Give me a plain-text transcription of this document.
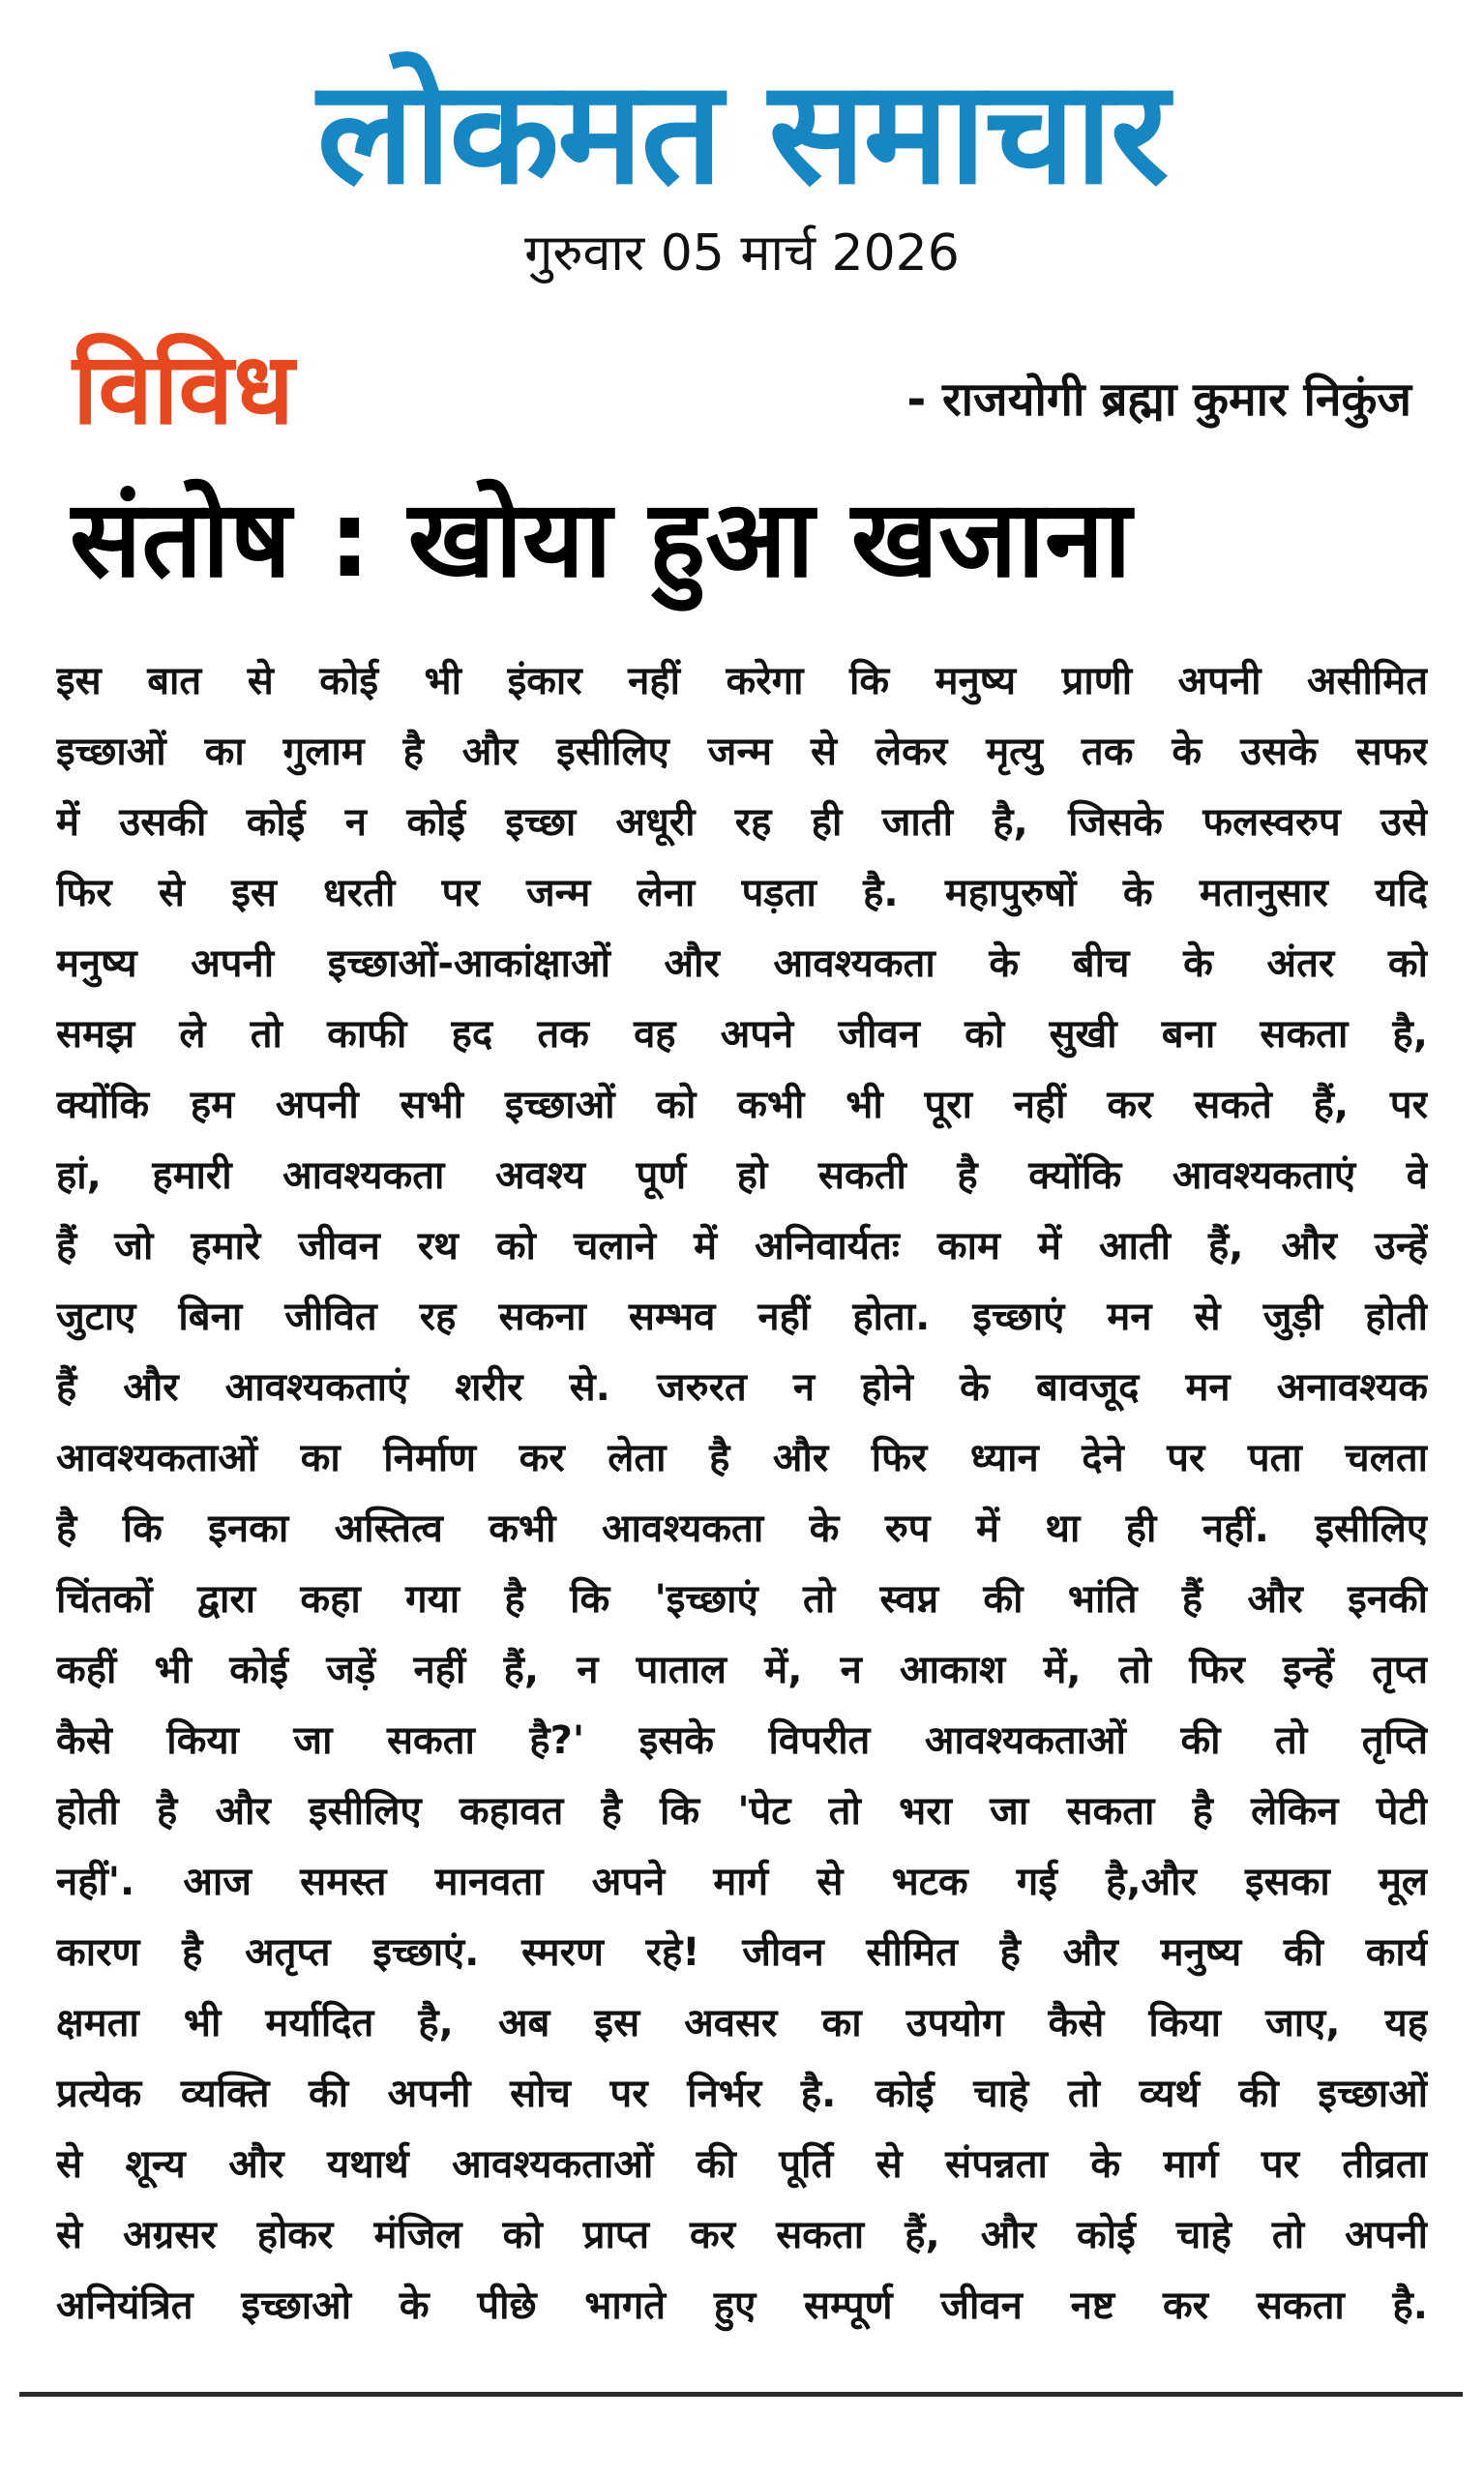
लोकमत समाचार
गुरुवार 05 मार्च 2026
विविध	- राजयोगी ब्रह्मा कुमार निकुंज
संतोष : खोया हुआ खजाना
इस बात से कोई भी इंकार नहीं करेगा कि मनुष्य प्राणी अपनी असीमित
इच्छाओं का गुलाम है और इसीलिए जन्म से लेकर मृत्यु तक के उसके सफर
में उसकी कोई न कोई इच्छा अधूरी रह ही जाती है, जिसके फलस्वरुप उसे
फिर से इस धरती पर जन्म लेना पड़ता है. महापुरुषों के मतानुसार यदि
मनुष्य अपनी इच्छाओं-आकांक्षाओं और आवश्यकता के बीच के अंतर को
समझ ले तो काफी हद तक वह अपने जीवन को सुखी बना सकता है,
क्योंकि हम अपनी सभी इच्छाओं को कभी भी पूरा नहीं कर सकते हैं, पर
हां, हमारी आवश्यकता अवश्य पूर्ण हो सकती है क्योंकि आवश्यकताएं वे
हैं जो हमारे जीवन रथ को चलाने में अनिवार्यतः काम में आती हैं, और उन्हें
जुटाए बिना जीवित रह सकना सम्भव नहीं होता. इच्छाएं मन से जुड़ी होती
हैं और आवश्यकताएं शरीर से. जरुरत न होने के बावजूद मन अनावश्यक
आवश्यकताओं का निर्माण कर लेता है और फिर ध्यान देने पर पता चलता
है कि इनका अस्तित्व कभी आवश्यकता के रुप में था ही नहीं. इसीलिए
चिंतकों द्वारा कहा गया है कि 'इच्छाएं तो स्वप्न की भांति हैं और इनकी
कहीं भी कोई जड़ें नहीं हैं, न पाताल में, न आकाश में, तो फिर इन्हें तृप्त
कैसे किया जा सकता है?' इसके विपरीत आवश्यकताओं की तो तृप्ति
होती है और इसीलिए कहावत है कि 'पेट तो भरा जा सकता है लेकिन पेटी
नहीं'. आज समस्त मानवता अपने मार्ग से भटक गई है,और इसका मूल
कारण है अतृप्त इच्छाएं. स्मरण रहे! जीवन सीमित है और मनुष्य की कार्य
क्षमता भी मर्यादित है, अब इस अवसर का उपयोग कैसे किया जाए, यह
प्रत्येक व्यक्ति की अपनी सोच पर निर्भर है. कोई चाहे तो व्यर्थ की इच्छाओं
से शून्य और यथार्थ आवश्यकताओं की पूर्ति से संपन्नता के मार्ग पर तीव्रता
से अग्रसर होकर मंजिल को प्राप्त कर सकता हैं, और कोई चाहे तो अपनी
अनियंत्रित इच्छाओ के पीछे भागते हुए सम्पूर्ण जीवन नष्ट कर सकता है.
